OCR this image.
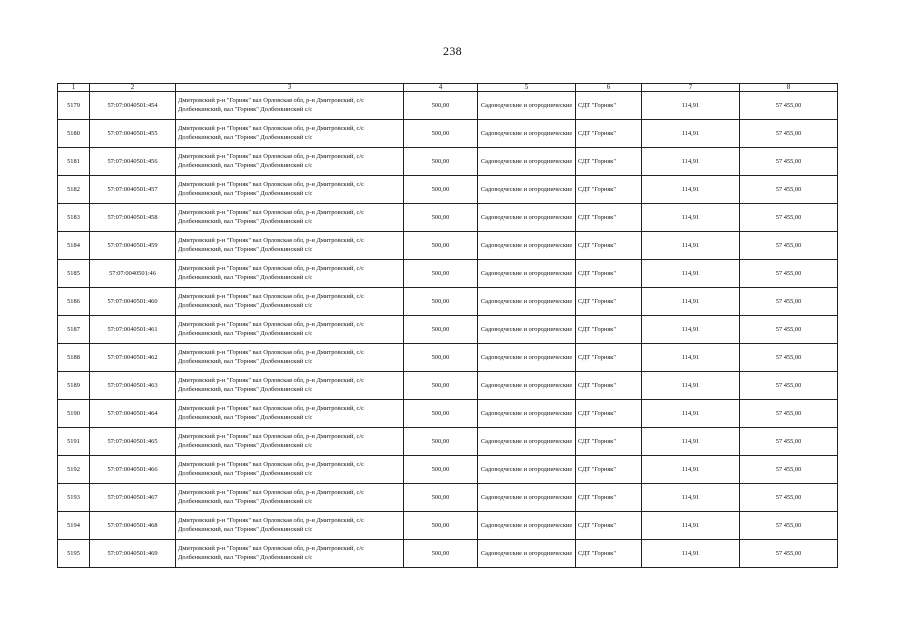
238
1	2	3	4	5	6	7	8
5179	57:07:0040501:454	Дмитровский р-н "Горняк" вал Орловская обл, р-н Дмитровский, с/с Долбенкинский, вал "Горняк" Долбенкинский с/с	500,00	Садоводческие и огороднические	СДТ "Горняк"	114,91	57 455,00
5180	57:07:0040501:455	Дмитровский р-н "Горняк" вал Орловская обл, р-н Дмитровский, с/с Долбенкинский, вал "Горняк" Долбенкинский с/с	500,00	Садоводческие и огороднические	СДТ "Горняк"	114,91	57 455,00
5181	57:07:0040501:456	Дмитровский р-н "Горняк" вал Орловская обл, р-н Дмитровский, с/с Долбенкинский, вал "Горняк" Долбенкинский с/с	500,00	Садоводческие и огороднические	СДТ "Горняк"	114,91	57 455,00
5182	57:07:0040501:457	Дмитровский р-н "Горняк" вал Орловская обл, р-н Дмитровский, с/с Долбенкинский, вал "Горняк" Долбенкинский с/с	500,00	Садоводческие и огороднические	СДТ "Горняк"	114,91	57 455,00
5183	57:07:0040501:458	Дмитровский р-н "Горняк" вал Орловская обл, р-н Дмитровский, с/с Долбенкинский, вал "Горняк" Долбенкинский с/с	500,00	Садоводческие и огороднические	СДТ "Горняк"	114,91	57 455,00
5184	57:07:0040501:459	Дмитровский р-н "Горняк" вал Орловская обл, р-н Дмитровский, с/с Долбенкинский, вал "Горняк" Долбенкинский с/с	500,00	Садоводческие и огороднические	СДТ "Горняк"	114,91	57 455,00
5185	57:07:0040501:46	Дмитровский р-н "Горняк" вал Орловская обл, р-н Дмитровский, с/с Долбенкинский, вал "Горняк" Долбенкинский с/с	500,00	Садоводческие и огороднические	СДТ "Горняк"	114,91	57 455,00
5186	57:07:0040501:460	Дмитровский р-н "Горняк" вал Орловская обл, р-н Дмитровский, с/с Долбенкинский, вал "Горняк" Долбенкинский с/с	500,00	Садоводческие и огороднические	СДТ "Горняк"	114,91	57 455,00
5187	57:07:0040501:461	Дмитровский р-н "Горняк" вал Орловская обл, р-н Дмитровский, с/с Долбенкинский, вал "Горняк" Долбенкинский с/с	500,00	Садоводческие и огороднические	СДТ "Горняк"	114,91	57 455,00
5188	57:07:0040501:462	Дмитровский р-н "Горняк" вал Орловская обл, р-н Дмитровский, с/с Долбенкинский, вал "Горняк" Долбенкинский с/с	500,00	Садоводческие и огороднические	СДТ "Горняк"	114,91	57 455,00
5189	57:07:0040501:463	Дмитровский р-н "Горняк" вал Орловская обл, р-н Дмитровский, с/с Долбенкинский, вал "Горняк" Долбенкинский с/с	500,00	Садоводческие и огороднические	СДТ "Горняк"	114,91	57 455,00
5190	57:07:0040501:464	Дмитровский р-н "Горняк" вал Орловская обл, р-н Дмитровский, с/с Долбенкинский, вал "Горняк" Долбенкинский с/с	500,00	Садоводческие и огороднические	СДТ "Горняк"	114,91	57 455,00
5191	57:07:0040501:465	Дмитровский р-н "Горняк" вал Орловская обл, р-н Дмитровский, с/с Долбенкинский, вал "Горняк" Долбенкинский с/с	500,00	Садоводческие и огороднические	СДТ "Горняк"	114,91	57 455,00
5192	57:07:0040501:466	Дмитровский р-н "Горняк" вал Орловская обл, р-н Дмитровский, с/с Долбенкинский, вал "Горняк" Долбенкинский с/с	500,00	Садоводческие и огороднические	СДТ "Горняк"	114,91	57 455,00
5193	57:07:0040501:467	Дмитровский р-н "Горняк" вал Орловская обл, р-н Дмитровский, с/с Долбенкинский, вал "Горняк" Долбенкинский с/с	500,00	Садоводческие и огороднические	СДТ "Горняк"	114,91	57 455,00
5194	57:07:0040501:468	Дмитровский р-н "Горняк" вал Орловская обл, р-н Дмитровский, с/с Долбенкинский, вал "Горняк" Долбенкинский с/с	500,00	Садоводческие и огороднические	СДТ "Горняк"	114,91	57 455,00
5195	57:07:0040501:469	Дмитровский р-н "Горняк" вал Орловская обл, р-н Дмитровский, с/с Долбенкинский, вал "Горняк" Долбенкинский с/с	500,00	Садоводческие и огороднические	СДТ "Горняк"	114,91	57 455,00
